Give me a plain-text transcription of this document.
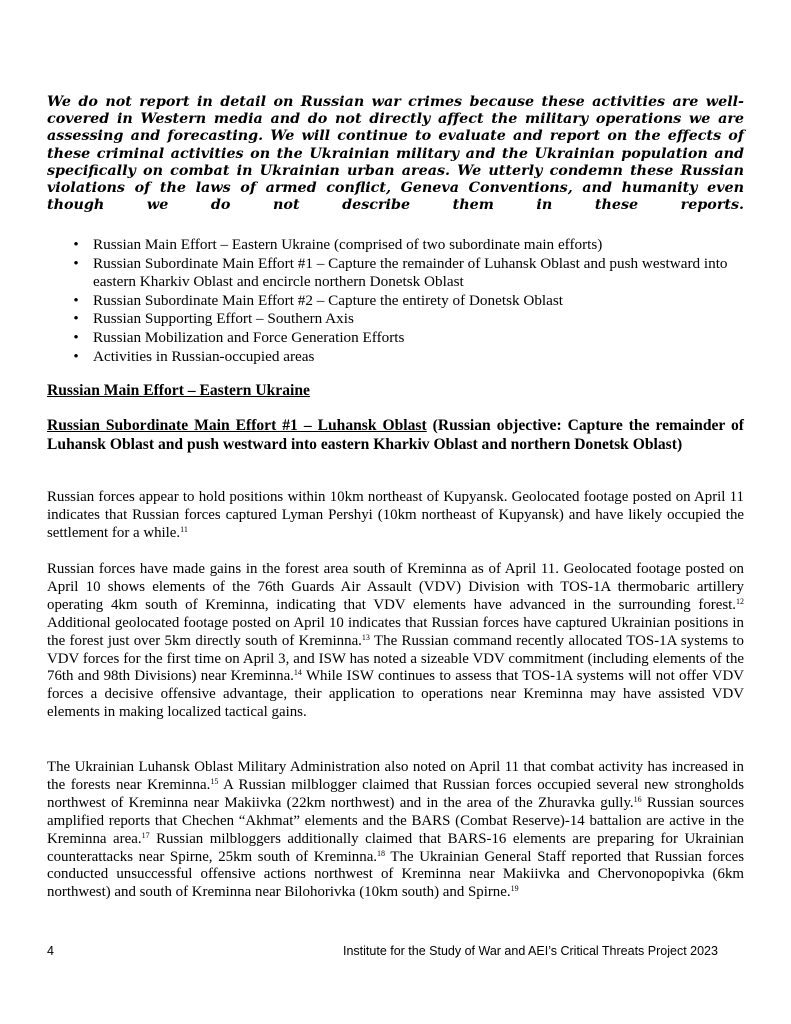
We do not report in detail on Russian war crimes because these activities are well-covered in Western media and do not directly affect the military operations we are assessing and forecasting. We will continue to evaluate and report on the effects of these criminal activities on the Ukrainian military and the Ukrainian population and specifically on combat in Ukrainian urban areas. We utterly condemn these Russian violations of the laws of armed conflict, Geneva Conventions, and humanity even though we do not describe them in these reports.

• Russian Main Effort – Eastern Ukraine (comprised of two subordinate main efforts)
• Russian Subordinate Main Effort #1 – Capture the remainder of Luhansk Oblast and push westward into eastern Kharkiv Oblast and encircle northern Donetsk Oblast
• Russian Subordinate Main Effort #2 – Capture the entirety of Donetsk Oblast
• Russian Supporting Effort – Southern Axis
• Russian Mobilization and Force Generation Efforts
• Activities in Russian-occupied areas
Russian Main Effort – Eastern Ukraine
Russian Subordinate Main Effort #1 – Luhansk Oblast (Russian objective: Capture the remainder of Luhansk Oblast and push westward into eastern Kharkiv Oblast and northern Donetsk Oblast)

Russian forces appear to hold positions within 10km northeast of Kupyansk. Geolocated footage posted on April 11 indicates that Russian forces captured Lyman Pershyi (10km northeast of Kupyansk) and have likely occupied the settlement for a while.$^{11}$

Russian forces have made gains in the forest area south of Kreminna as of April 11. Geolocated footage posted on April 10 shows elements of the 76th Guards Air Assault (VDV) Division with TOS-1A thermobaric artillery operating 4km south of Kreminna, indicating that VDV elements have advanced in the surrounding forest.$^{12}$ Additional geolocated footage posted on April 10 indicates that Russian forces have captured Ukrainian positions in the forest just over 5km directly south of Kreminna.$^{13}$ The Russian command recently allocated TOS-1A systems to VDV forces for the first time on April 3, and ISW has noted a sizeable VDV commitment (including elements of the 76th and 98th Divisions) near Kreminna.$^{14}$ While ISW continues to assess that TOS-1A systems will not offer VDV forces a decisive offensive advantage, their application to operations near Kreminna may have assisted VDV elements in making localized tactical gains.

The Ukrainian Luhansk Oblast Military Administration also noted on April 11 that combat activity has increased in the forests near Kreminna.$^{15}$ A Russian milblogger claimed that Russian forces occupied several new strongholds northwest of Kreminna near Makiivka (22km northwest) and in the area of the Zhuravka gully.$^{16}$ Russian sources amplified reports that Chechen “Akhmat” elements and the BARS (Combat Reserve)-14 battalion are active in the Kreminna area.$^{17}$ Russian milbloggers additionally claimed that BARS-16 elements are preparing for Ukrainian counterattacks near Spirne, 25km south of Kreminna.$^{18}$ The Ukrainian General Staff reported that Russian forces conducted unsuccessful offensive actions northwest of Kreminna near Makiivka and Chervonopopivka (6km northwest) and south of Kreminna near Bilohorivka (10km south) and Spirne.$^{19}$

4	Institute for the Study of War and AEI’s Critical Threats Project 2023
